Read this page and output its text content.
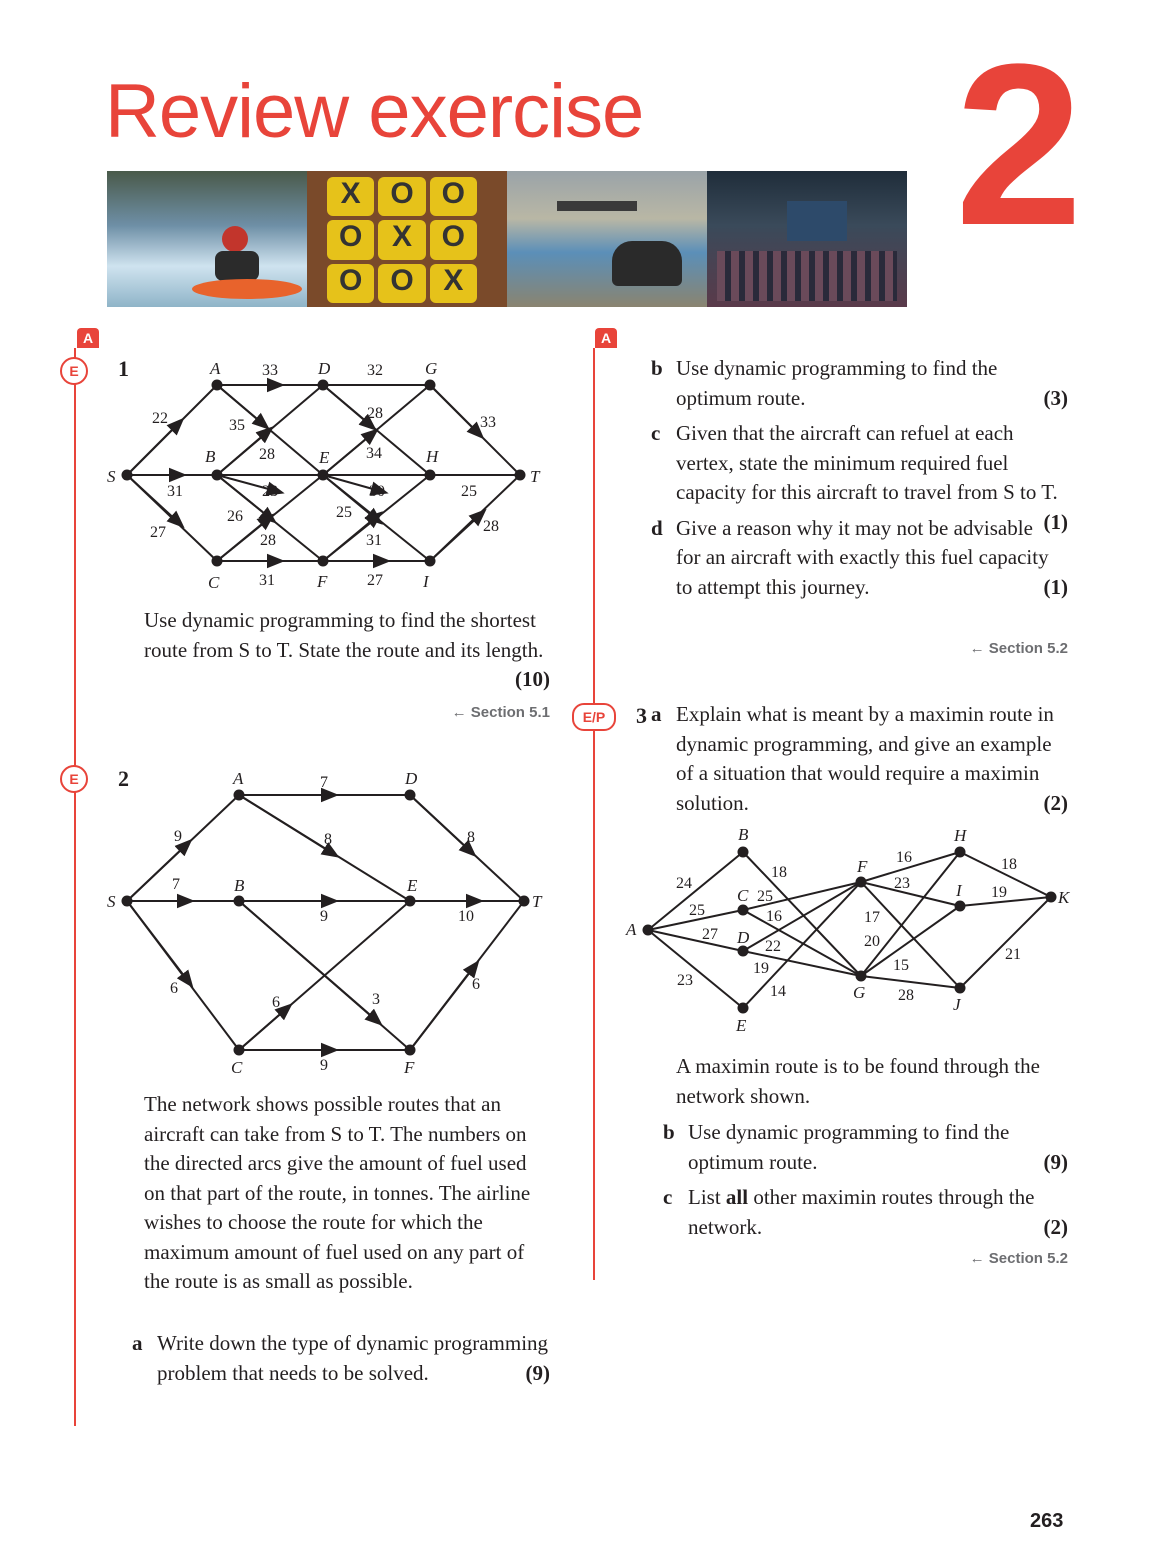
Review exercise 2
X O O
O X O
O O X
A
E
E
A
E/P
1
S
A
B
C
D
E
F
G
H
I
T
22
31
27
33
35
28
23
26
28
31
32
28
34
30
31
25
27
33
25
28
Use dynamic programming to find the shortest route from S to T. State the route and its length.
(10)
← Section 5.1
2
S
A
B
C
D
E
F
T
9
7
6
7
8
9
3
6
9
8
10
6
The network shows possible routes that an aircraft can take from S to T. The numbers on the directed arcs give the amount of fuel used on that part of the route, in tonnes. The airline wishes to choose the route for which the maximum amount of fuel used on any part of the route is as small as possible.
a Write down the type of dynamic programming problem that needs to be solved.	(9)
b Use dynamic programming to find the optimum route.	(3)
c Given that the aircraft can refuel at each vertex, state the minimum required fuel capacity for this aircraft to travel from S to T.
(1)
d Give a reason why it may not be advisable for an aircraft with exactly this fuel capacity to attempt this journey.	(1)
← Section 5.2
3 a Explain what is meant by a maximin route in dynamic programming, and give an example of a situation that would require a maximin solution.	(2)
A
B
C
D
E
F
G
H
I
J
K
24
25
27
23
18
25
16
22
19
14
16
23
17
20
15
28
18
19
21
A maximin route is to be found through the network shown.
b Use dynamic programming to find the optimum route.	(9)
c List all other maximin routes through the network.	(2)
← Section 5.2
263
